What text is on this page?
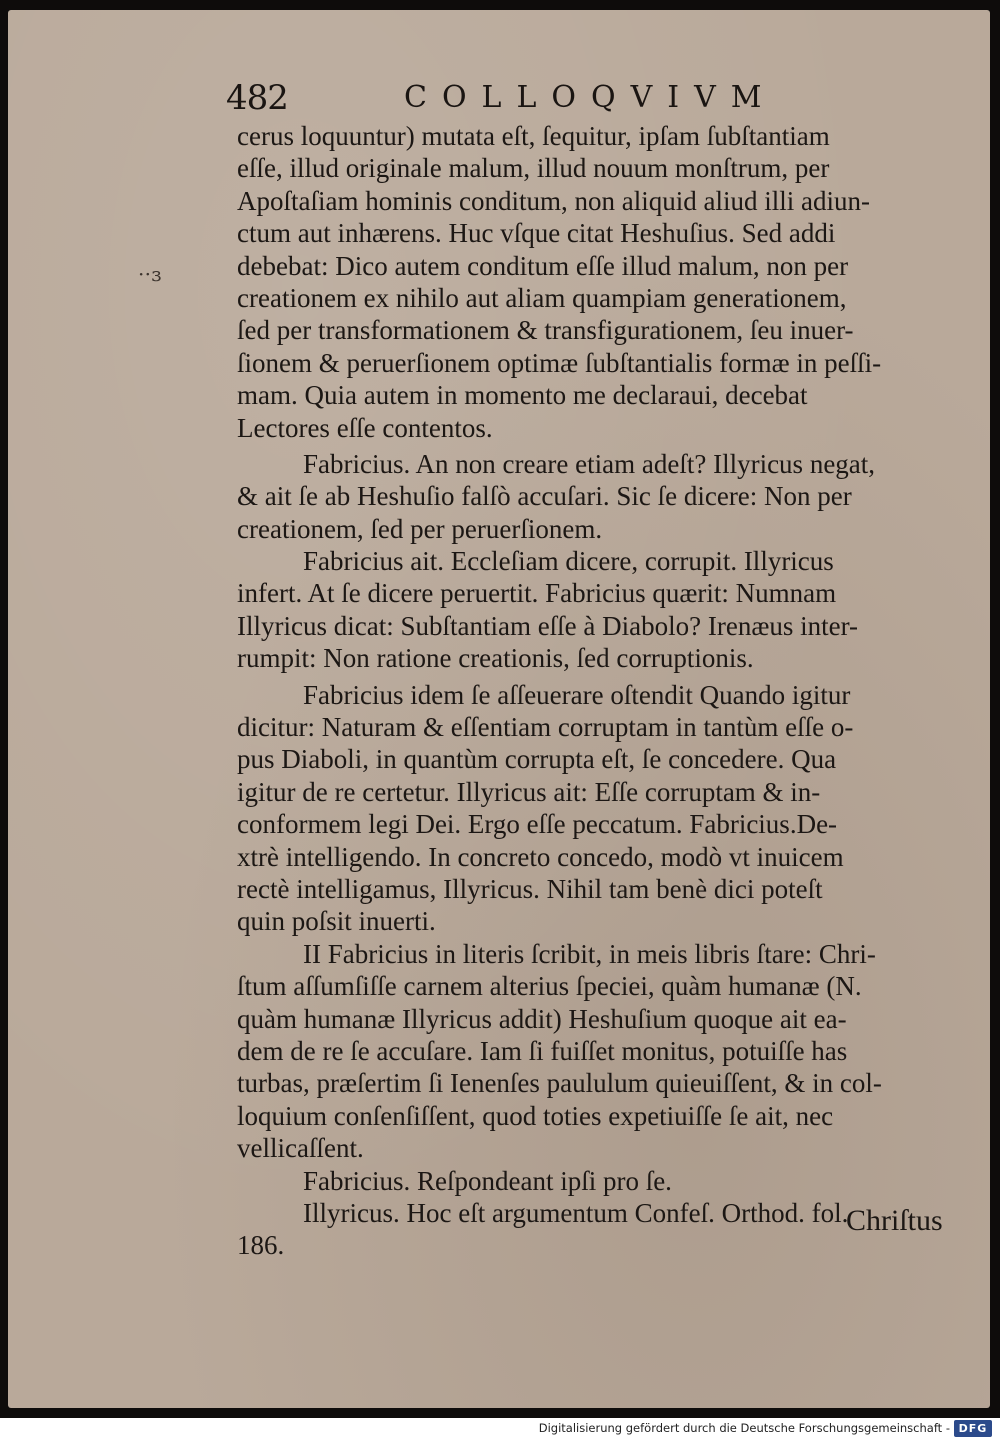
482	COLLOQVIVM
·⋅ɜ
cerus loquuntur) mutata eſt, ſequitur, ipſam ſubſtantiam
eſſe, illud originale malum, illud nouum monſtrum, per
Apoſtaſiam hominis conditum, non aliquid aliud illi adiun-
ctum aut inhærens. Huc vſque citat Heshuſius. Sed addi
debebat: Dico autem conditum eſſe illud malum, non per
creationem ex nihilo aut aliam quampiam generationem,
ſed per transformationem & transfigurationem, ſeu inuer-
ſionem & peruerſionem optimæ ſubſtantialis formæ in peſſi-
mam. Quia autem in momento me declaraui, decebat
Lectores eſſe contentos.
Fabricius. An non creare etiam adeſt? Illyricus negat,
& ait ſe ab Heshuſio falſò accuſari. Sic ſe dicere: Non per
creationem, ſed per peruerſionem.
Fabricius ait. Eccleſiam dicere, corrupit. Illyricus
infert. At ſe dicere peruertit. Fabricius quærit: Numnam
Illyricus dicat: Subſtantiam eſſe à Diabolo? Irenæus inter-
rumpit: Non ratione creationis, ſed corruptionis.
Fabricius idem ſe aſſeuerare oſtendit Quando igitur
dicitur: Naturam & eſſentiam corruptam in tantùm eſſe o-
pus Diaboli, in quantùm corrupta eſt, ſe concedere. Qua
igitur de re certetur. Illyricus ait: Eſſe corruptam & in-
conformem legi Dei. Ergo eſſe peccatum. Fabricius.De-
xtrè intelligendo. In concreto concedo, modò vt inuicem
rectè intelligamus, Illyricus. Nihil tam benè dici poteſt
quin poſsit inuerti.
II Fabricius in literis ſcribit, in meis libris ſtare: Chri-
ſtum aſſumſiſſe carnem alterius ſpeciei, quàm humanæ (N.
quàm humanæ Illyricus addit) Heshuſium quoque ait ea-
dem de re ſe accuſare. Iam ſi fuiſſet monitus, potuiſſe has
turbas, præſertim ſi Ienenſes paululum quieuiſſent, & in col-
loquium conſenſiſſent, quod toties expetiuiſſe ſe ait, nec
vellicaſſent.
Fabricius. Reſpondeant ipſi pro ſe.
Illyricus. Hoc eſt argumentum Confeſ. Orthod. fol.
186.
Chriſtus
Digitalisierung gefördert durch die Deutsche Forschungsgemeinschaft - DFG
